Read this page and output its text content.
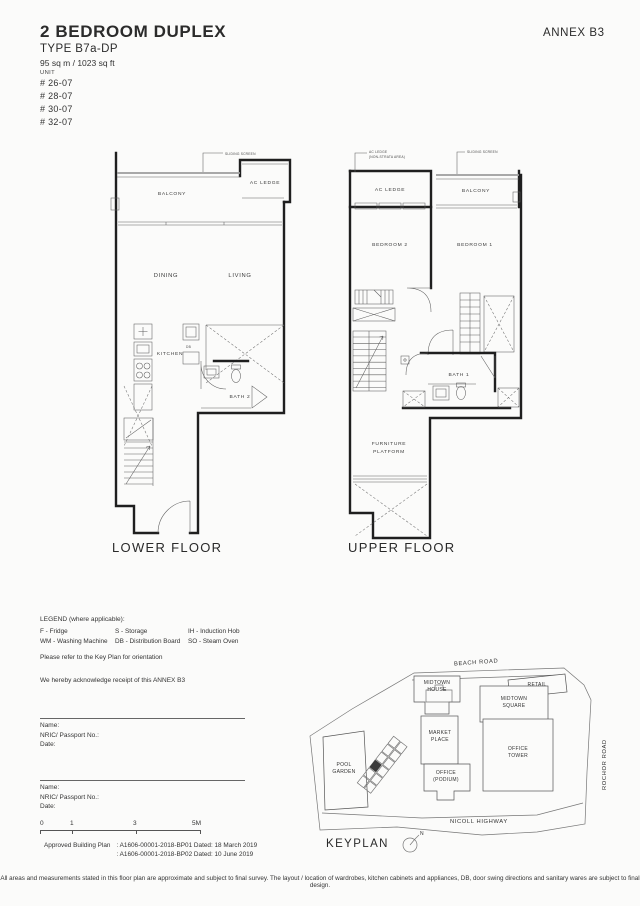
2 BEDROOM DUPLEX
TYPE B7a-DP
95 sq m / 1023 sq ft
UNIT
# 26-07
# 28-07
# 30-07
# 32-07
ANNEX B3
SLIDING SCREEN
BALCONY
AC LEDGE
DINING	LIVING
KITCHEN
BATH 2
DB
LOWER FLOOR
AC LEDGE
(NON-STRATA AREA)
SLIDING SCREEN
AC LEDGE	BALCONY
BEDROOM 2	BEDROOM 1
BATH 1
FURNITURE
PLATFORM
UPPER FLOOR
LEGEND (where applicable):
F - Fridge	S - Storage	IH - Induction Hob
WM - Washing Machine	DB - Distribution Board	SO - Steam Oven
Please refer to the Key Plan for orientation
We hereby acknowledge receipt of this ANNEX B3
Name:
NRIC/ Passport No.:
Date:
Name:
NRIC/ Passport No.:
Date:
0	1	3	5M
Approved Building Plan : A1606-00001-2018-BP01 Dated: 18 March 2019
: A1606-00001-2018-BP02 Dated: 10 June 2019
N
BEACH ROAD
NICOLL HIGHWAY
ROCHOR ROAD
MIDTOWN HOUSE
RETAIL
MIDTOWN SQUARE
MARKET PLACE
OFFICE TOWER
OFFICE (PODIUM)
POOL GARDEN
KEYPLAN
All areas and measurements stated in this floor plan are approximate and subject to final survey. The layout / location of wardrobes, kitchen cabinets and appliances, DB, door swing directions and sanitary wares are subject to final design.
